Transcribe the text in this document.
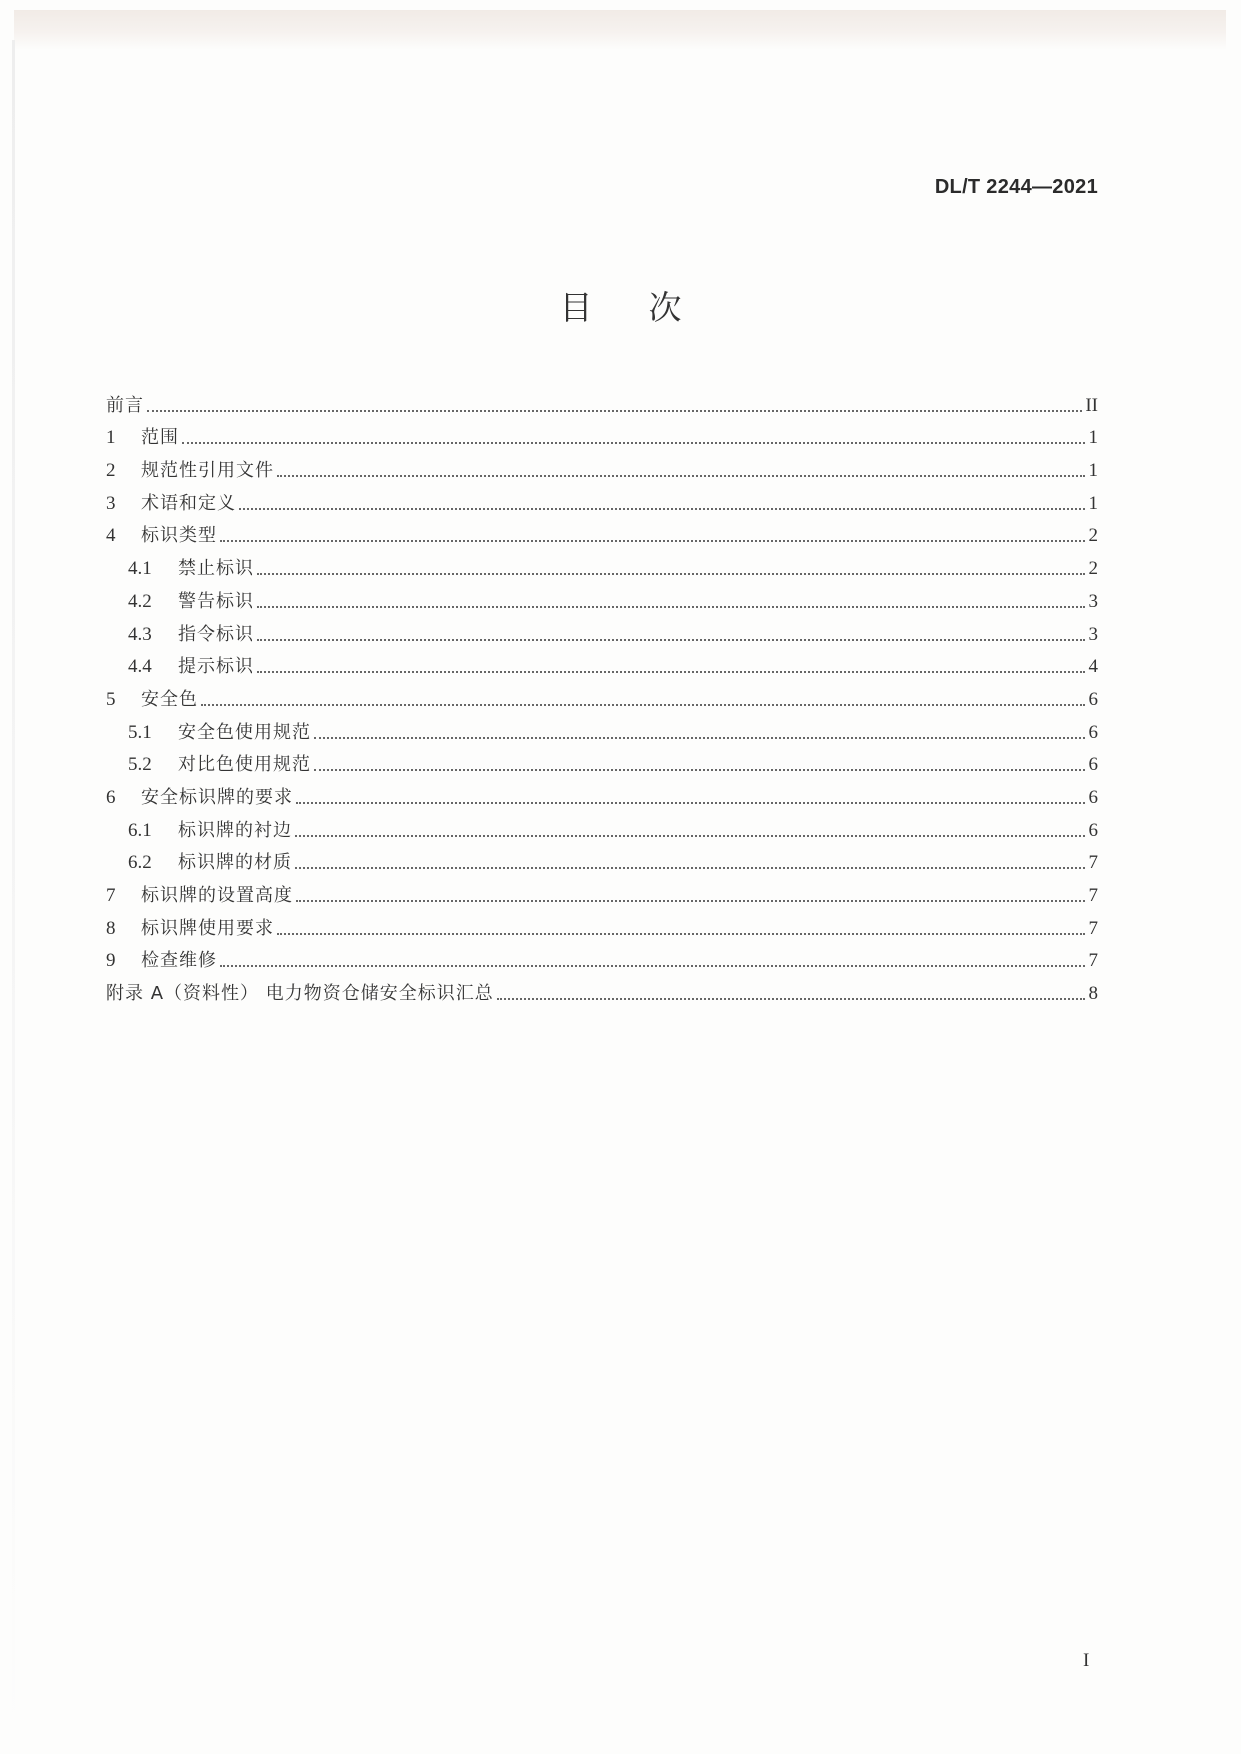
DL/T 2244—2021
目 次
前言	II
1	范围	1
2	规范性引用文件	1
3	术语和定义	1
4	标识类型	2
4.1	禁止标识	2
4.2	警告标识	3
4.3	指令标识	3
4.4	提示标识	4
5	安全色	6
5.1	安全色使用规范	6
5.2	对比色使用规范	6
6	安全标识牌的要求	6
6.1	标识牌的衬边	6
6.2	标识牌的材质	7
7	标识牌的设置高度	7
8	标识牌使用要求	7
9	检查维修	7
附录 A（资料性） 电力物资仓储安全标识汇总	8
I
